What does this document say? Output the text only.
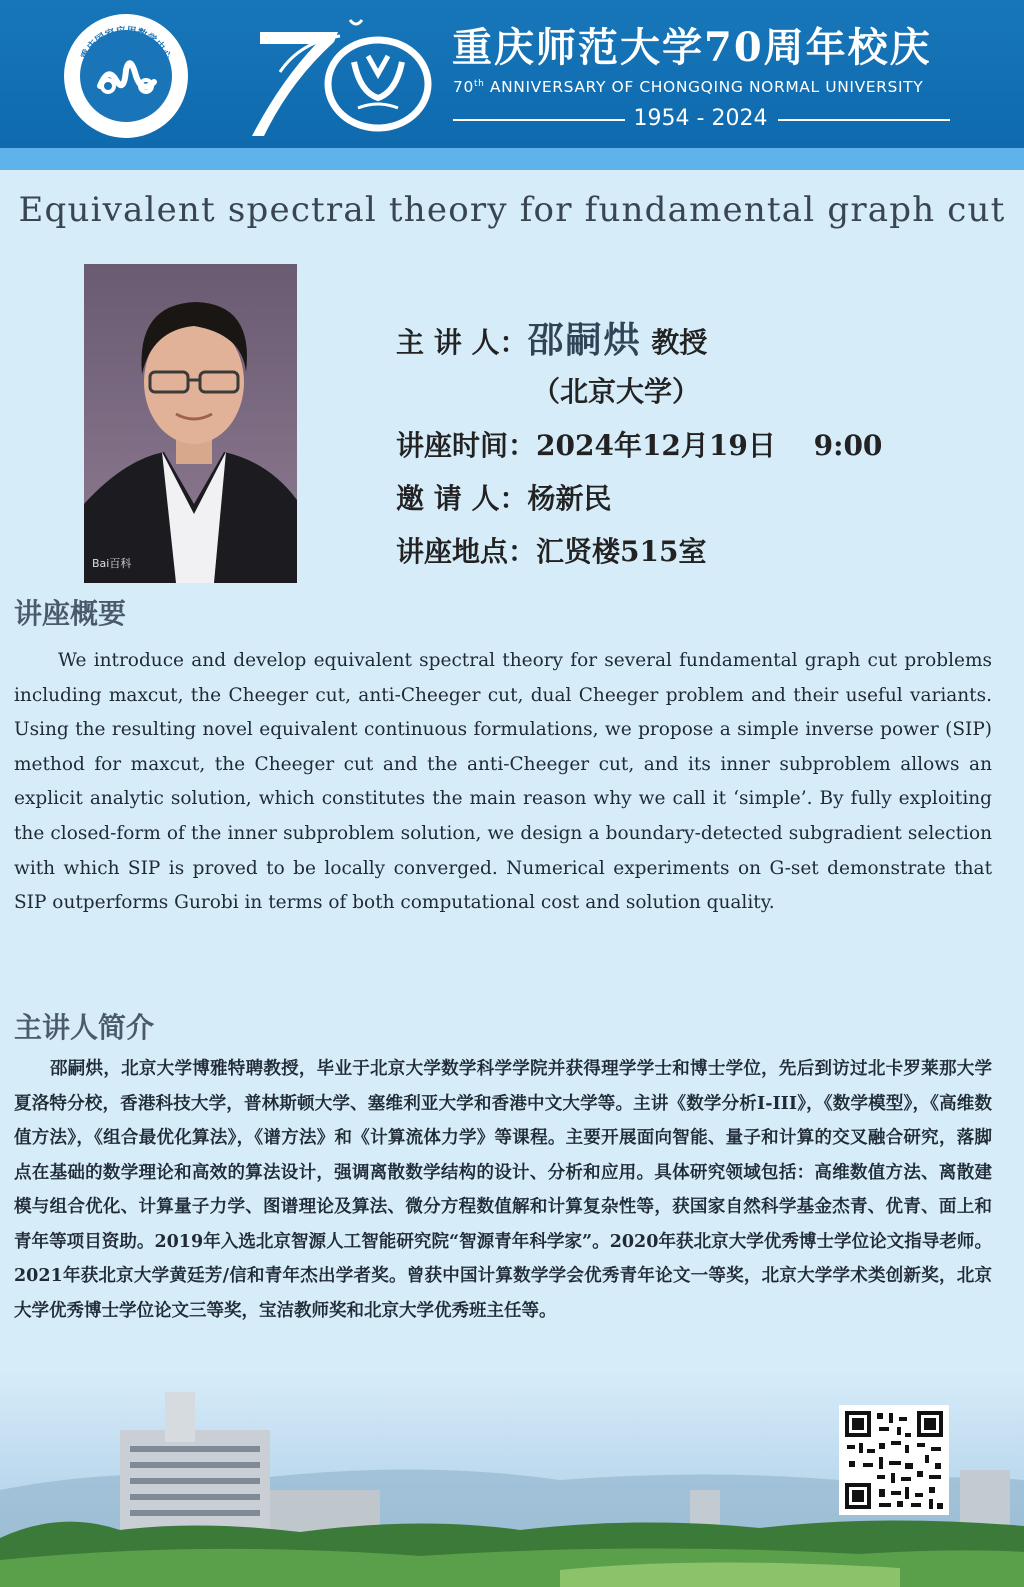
重庆国家应用数学中心	重庆师范大学70周年校庆
70th ANNIVERSARY OF CHONGQING NORMAL UNIVERSITY
1954 - 2024
Equivalent spectral theory for fundamental graph cut
Bai百科
主 讲 人：邵嗣烘 教授
（北京大学）
讲座时间：2024年12月19日　 9:00
邀 请 人：杨新民
讲座地点：汇贤楼515室
讲座概要
We introduce and develop equivalent spectral theory for several fundamental graph cut problems including maxcut, the Cheeger cut, anti-Cheeger cut, dual Cheeger problem and their useful variants. Using the resulting novel equivalent continuous formulations, we propose a simple inverse power (SIP) method for maxcut, the Cheeger cut and the anti-Cheeger cut, and its inner subproblem allows an explicit analytic solution, which constitutes the main reason why we call it ‘simple’. By fully exploiting the closed-form of the inner subproblem solution, we design a boundary-detected subgradient selection with which SIP is proved to be locally converged. Numerical experiments on G-set demonstrate that SIP outperforms Gurobi in terms of both computational cost and solution quality.
主讲人简介
邵嗣烘，北京大学博雅特聘教授，毕业于北京大学数学科学学院并获得理学学士和博士学位，先后到访过北卡罗莱那大学夏洛特分校，香港科技大学，普林斯顿大学、塞维利亚大学和香港中文大学等。主讲《数学分析I-III》，《数学模型》，《高维数值方法》，《组合最优化算法》，《谱方法》和《计算流体力学》等课程。主要开展面向智能、量子和计算的交叉融合研究，落脚点在基础的数学理论和高效的算法设计，强调离散数学结构的设计、分析和应用。具体研究领域包括：高维数值方法、离散建模与组合优化、计算量子力学、图谱理论及算法、微分方程数值解和计算复杂性等，获国家自然科学基金杰青、优青、面上和青年等项目资助。2019年入选北京智源人工智能研究院“智源青年科学家”。2020年获北京大学优秀博士学位论文指导老师。2021年获北京大学黄廷芳/信和青年杰出学者奖。曾获中国计算数学学会优秀青年论文一等奖，北京大学学术类创新奖，北京大学优秀博士学位论文三等奖，宝洁教师奖和北京大学优秀班主任等。
